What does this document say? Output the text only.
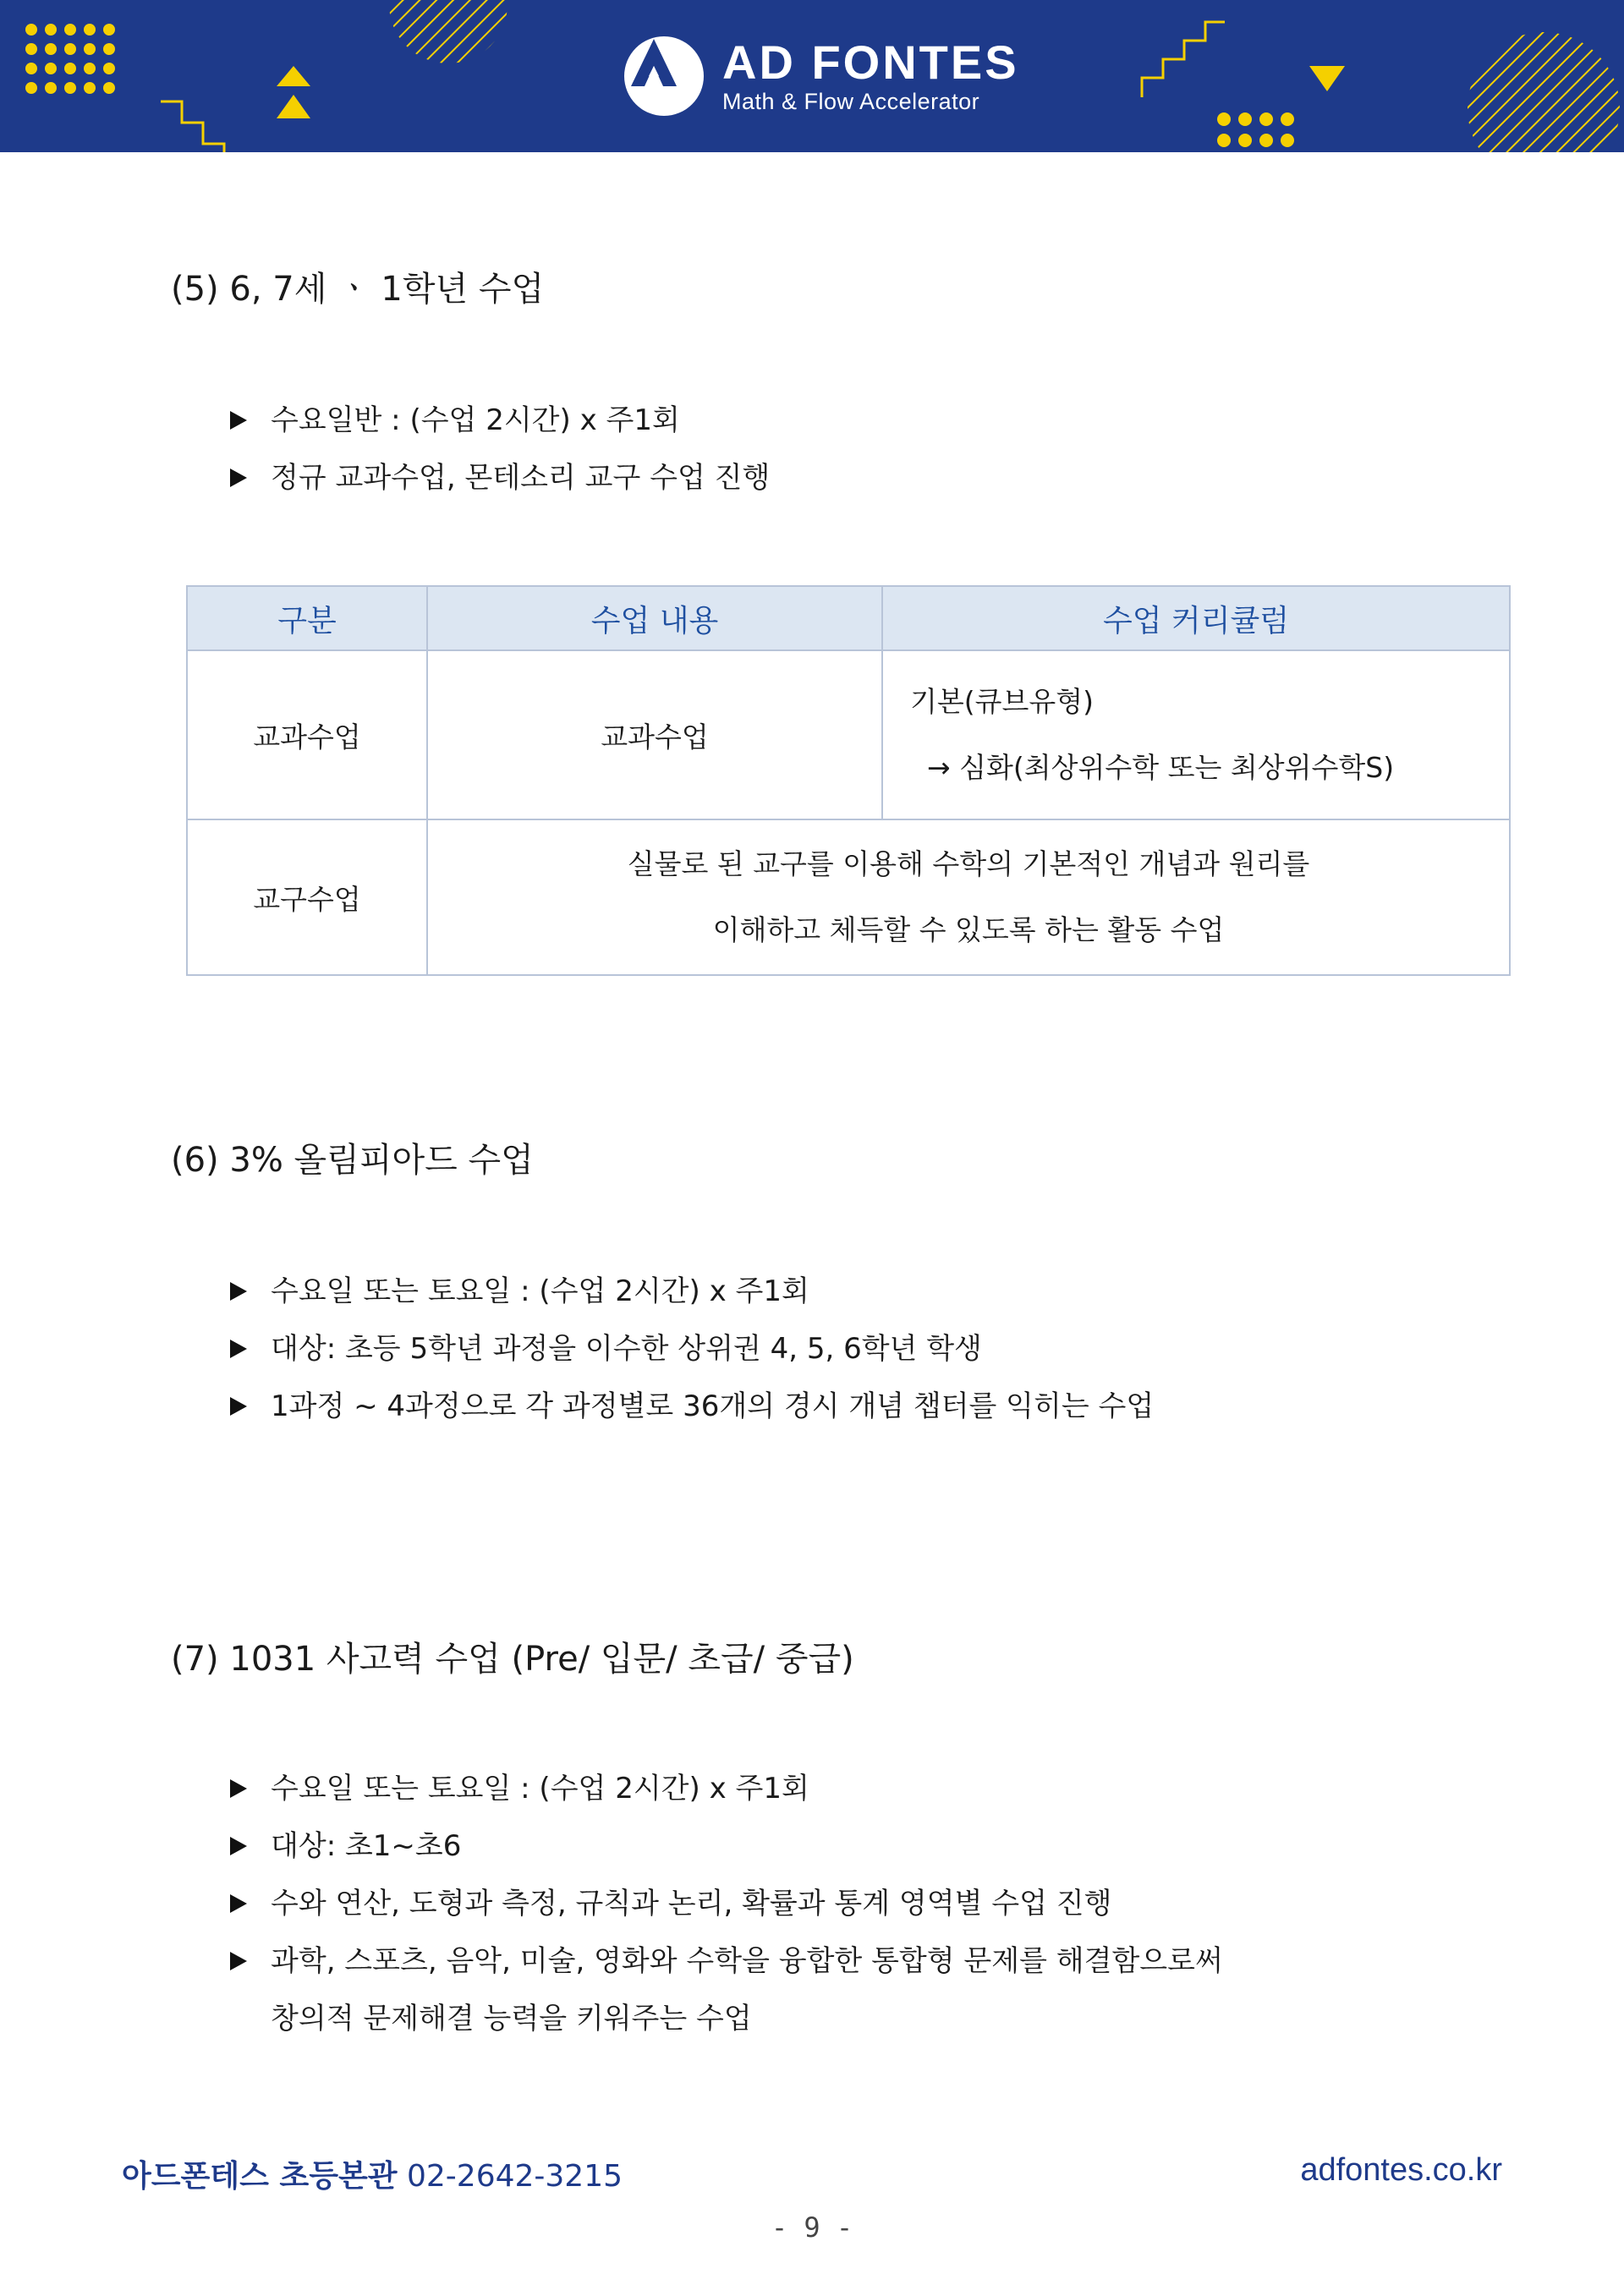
AD FONTES
Math & Flow Accelerator
(5) 6, 7세 ㆍ 1학년 수업
수요일반 : (수업 2시간) x 주1회
정규 교과수업, 몬테소리 교구 수업 진행
구분	수업 내용	수업 커리큘럼
교과수업	교과수업	기본(큐브유형)
→ 심화(최상위수학 또는 최상위수학S)

교구수업	실물로 된 교구를 이용해 수학의 기본적인 개념과 원리를
이해하고 체득할 수 있도록 하는 활동 수업	
(6) 3% 올림피아드 수업
수요일 또는 토요일 : (수업 2시간) x 주1회
대상: 초등 5학년 과정을 이수한 상위권 4, 5, 6학년 학생
1과정 ~ 4과정으로 각 과정별로 36개의 경시 개념 챕터를 익히는 수업
(7) 1031 사고력 수업 (Pre/ 입문/ 초급/ 중급)
수요일 또는 토요일 : (수업 2시간) x 주1회
대상: 초1~초6
수와 연산, 도형과 측정, 규칙과 논리, 확률과 통계 영역별 수업 진행
과학, 스포츠, 음악, 미술, 영화와 수학을 융합한 통합형 문제를 해결함으로써
창의적 문제해결 능력을 키워주는 수업
아드폰테스 초등본관 02-2642-3215	adfontes.co.kr
- 9 -
